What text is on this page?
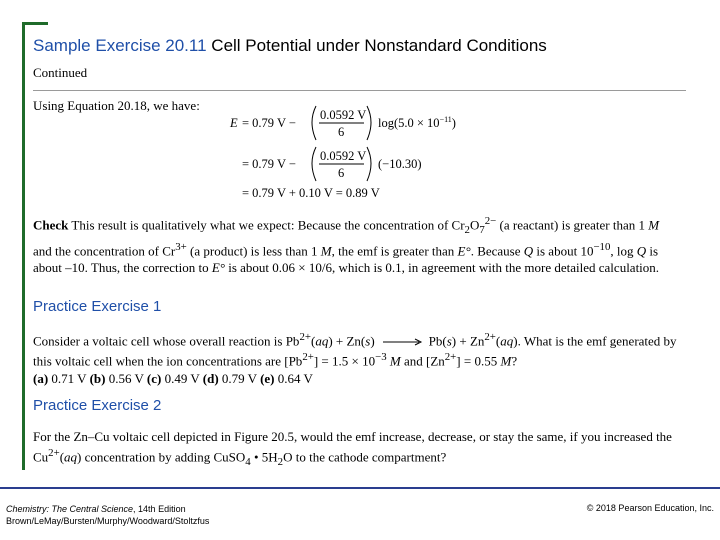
Sample Exercise 20.11 Cell Potential under Nonstandard Conditions
Continued
Using Equation 20.18, we have:
E = 0.79 V −
0.0592 V
6
$\log(5.0 \times 10^{-11})$
= 0.79 V −
0.0592 V
6
(−10.30)
= 0.79 V + 0.10 V = 0.89 V
Check This result is qualitatively what we expect: Because the concentration of $Cr_2O_7^{2-}$ (a reactant) is greater than 1 M and the concentration of $Cr^{3+}$ (a product) is less than 1 M, the emf is greater than E°. Because Q is about $10^{-10}$, log Q is about –10. Thus, the correction to E° is about 0.06 × 10/6, which is 0.1, in agreement with the more detailed calculation.
Practice Exercise 1
Consider a voltaic cell whose overall reaction is $Pb^{2+}(aq) + Zn(s) \to Pb(s) + Zn^{2+}(aq)$. What is the emf generated by this voltaic cell when the ion concentrations are $[Pb^{2+}] = 1.5 \times 10^{-3}$ M and $[Zn^{2+}] = 0.55$ M?
(a) 0.71 V (b) 0.56 V (c) 0.49 V (d) 0.79 V (e) 0.64 V
Practice Exercise 2
For the Zn–Cu voltaic cell depicted in Figure 20.5, would the emf increase, decrease, or stay the same, if you increased the $Cu^{2+}(aq)$ concentration by adding CuSO$_4$ • $5H_2O$ to the cathode compartment?
Chemistry: The Central Science, 14th Edition
Brown/LeMay/Bursten/Murphy/Woodward/Stoltzfus
© 2018 Pearson Education, Inc.
